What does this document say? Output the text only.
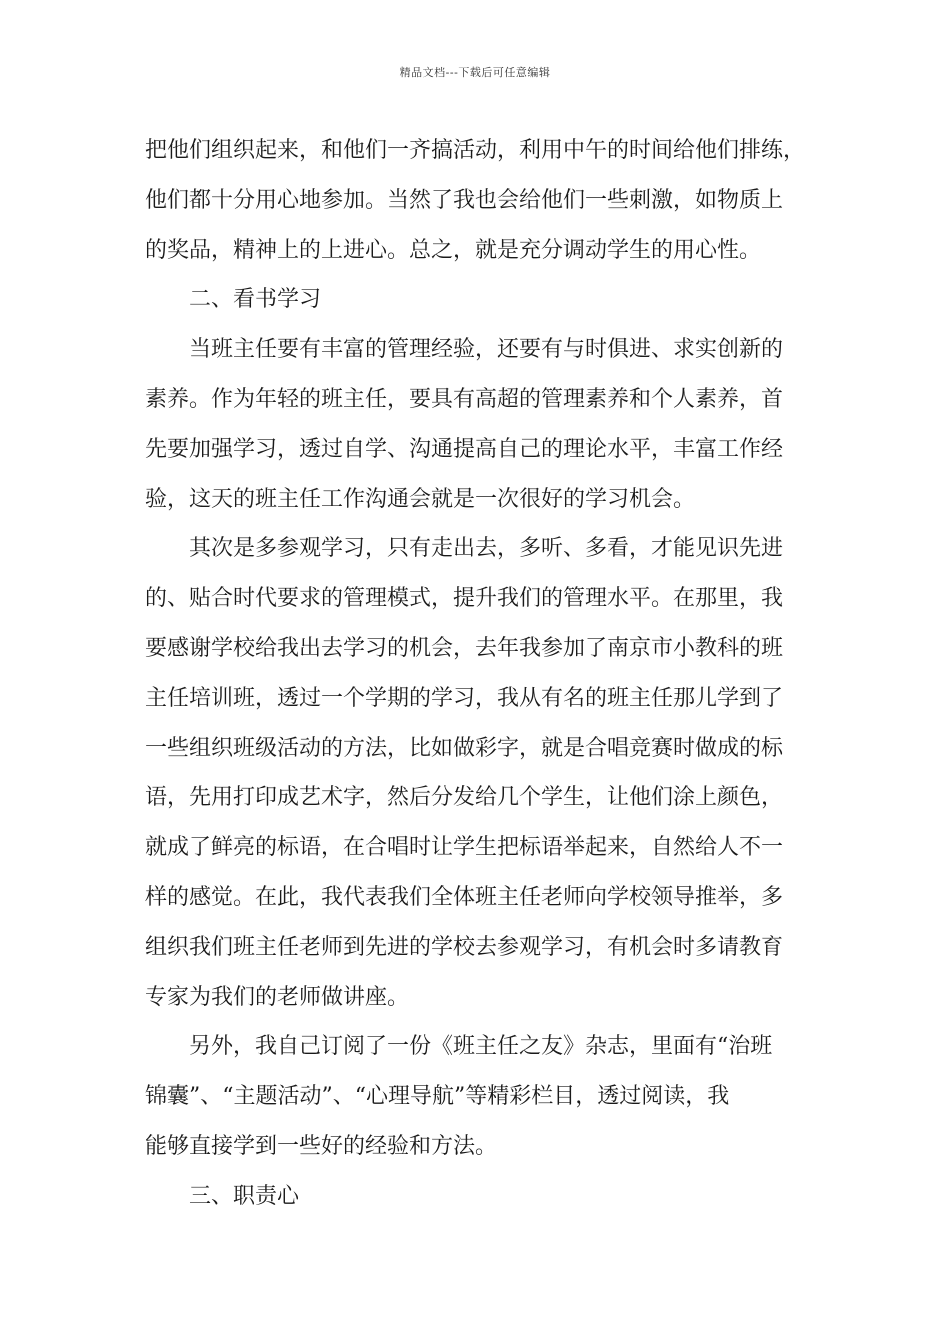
精品文档---下载后可任意编辑
把他们组织起来，和他们一齐搞活动，利用中午的时间给他们排练，
他们都十分用心地参加。当然了我也会给他们一些刺激，如物质上
的奖品，精神上的上进心。总之，就是充分调动学生的用心性。
二、看书学习
当班主任要有丰富的管理经验，还要有与时俱进、求实创新的
素养。作为年轻的班主任，要具有高超的管理素养和个人素养，首
先要加强学习，透过自学、沟通提高自己的理论水平，丰富工作经
验，这天的班主任工作沟通会就是一次很好的学习机会。
其次是多参观学习，只有走出去，多听、多看，才能见识先进
的、贴合时代要求的管理模式，提升我们的管理水平。在那里，我
要感谢学校给我出去学习的机会，去年我参加了南京市小教科的班
主任培训班，透过一个学期的学习，我从有名的班主任那儿学到了
一些组织班级活动的方法，比如做彩字，就是合唱竞赛时做成的标
语，先用打印成艺术字，然后分发给几个学生，让他们涂上颜色，
就成了鲜亮的标语，在合唱时让学生把标语举起来，自然给人不一
样的感觉。在此，我代表我们全体班主任老师向学校领导推举，多
组织我们班主任老师到先进的学校去参观学习，有机会时多请教育
专家为我们的老师做讲座。
另外，我自己订阅了一份《班主任之友》杂志，里面有“治班
锦囊”、“主题活动”、“心理导航”等精彩栏目，透过阅读，我
能够直接学到一些好的经验和方法。
三、职责心
